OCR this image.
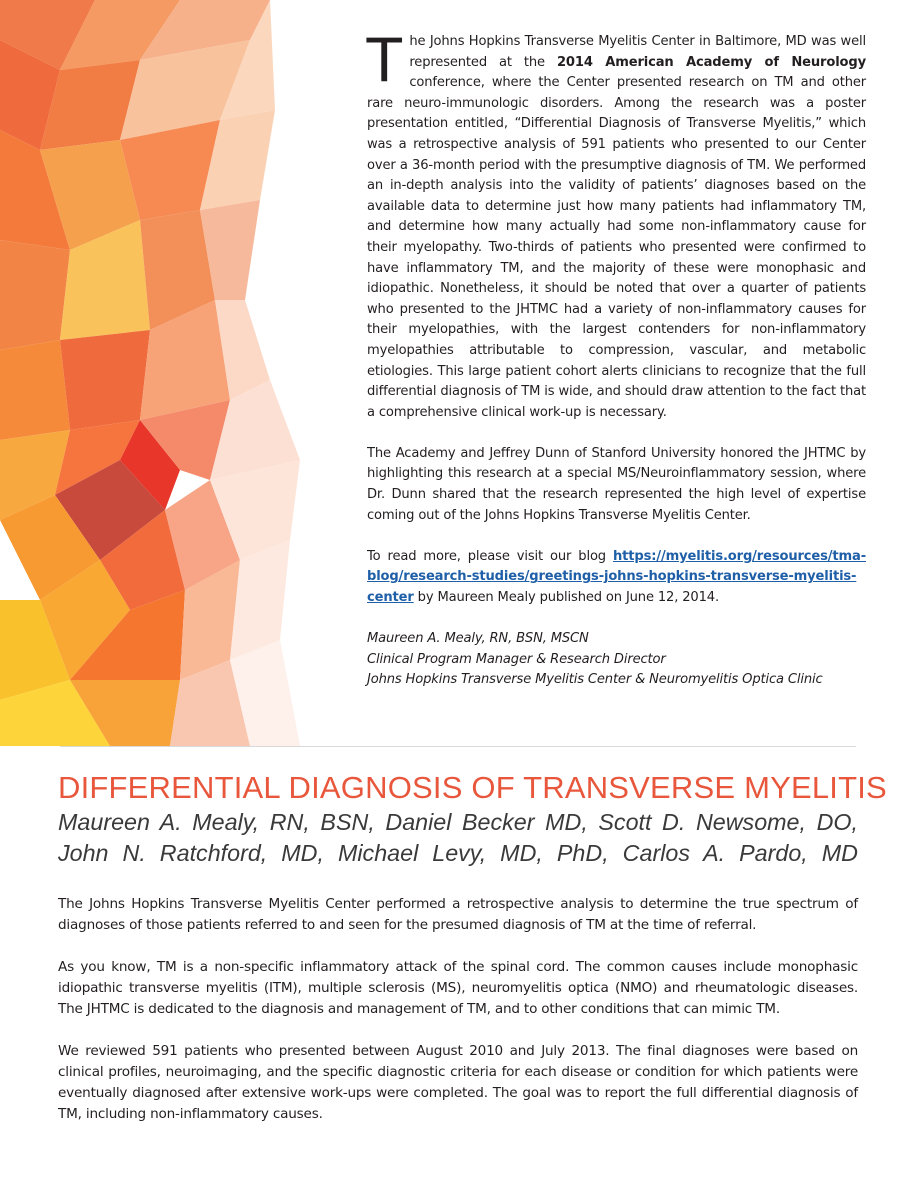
The Johns Hopkins Transverse Myelitis Center in Baltimore, MD was well represented at the 2014 American Academy of Neurology conference, where the Center presented research on TM and other rare neuro-immunologic disorders. Among the research was a poster presentation entitled, “Differential Diagnosis of Transverse Myelitis,” which was a retrospective analysis of 591 patients who presented to our Center over a 36-month period with the presumptive diagnosis of TM. We performed an in-depth analysis into the validity of patients’ diagnoses based on the available data to determine just how many patients had inflammatory TM, and determine how many actually had some non-inflammatory cause for their myelopathy. Two-thirds of patients who presented were confirmed to have inflammatory TM, and the majority of these were monophasic and idiopathic. Nonetheless, it should be noted that over a quarter of patients who presented to the JHTMC had a variety of non-inflammatory causes for their myelopathies, with the largest contenders for non-inflammatory myelopathies attributable to compression, vascular, and metabolic etiologies. This large patient cohort alerts clinicians to recognize that the full differential diagnosis of TM is wide, and should draw attention to the fact that a comprehensive clinical work-up is necessary.

The Academy and Jeffrey Dunn of Stanford University honored the JHTMC by highlighting this research at a special MS/Neuroinflammatory session, where Dr. Dunn shared that the research represented the high level of expertise coming out of the Johns Hopkins Transverse Myelitis Center.

To read more, please visit our blog https://myelitis.org/resources/tma-blog/research-studies/greetings-johns-hopkins-transverse-myelitis-center by Maureen Mealy published on June 12, 2014.

Maureen A. Mealy, RN, BSN, MSCN
Clinical Program Manager & Research Director
Johns Hopkins Transverse Myelitis Center & Neuromyelitis Optica Clinic
DIFFERENTIAL DIAGNOSIS OF TRANSVERSE MYELITIS
Maureen A. Mealy, RN, BSN, Daniel Becker MD, Scott D. Newsome, DO,
John N. Ratchford, MD, Michael Levy, MD, PhD, Carlos A. Pardo, MD

The Johns Hopkins Transverse Myelitis Center performed a retrospective analysis to determine the true spectrum of diagnoses of those patients referred to and seen for the presumed diagnosis of TM at the time of referral.

As you know, TM is a non-specific inflammatory attack of the spinal cord. The common causes include monophasic idiopathic transverse myelitis (ITM), multiple sclerosis (MS), neuromyelitis optica (NMO) and rheumatologic diseases. The JHTMC is dedicated to the diagnosis and management of TM, and to other conditions that can mimic TM.

We reviewed 591 patients who presented between August 2010 and July 2013. The final diagnoses were based on clinical profiles, neuroimaging, and the specific diagnostic criteria for each disease or condition for which patients were eventually diagnosed after extensive work-ups were completed. The goal was to report the full differential diagnosis of TM, including non-inflammatory causes.
